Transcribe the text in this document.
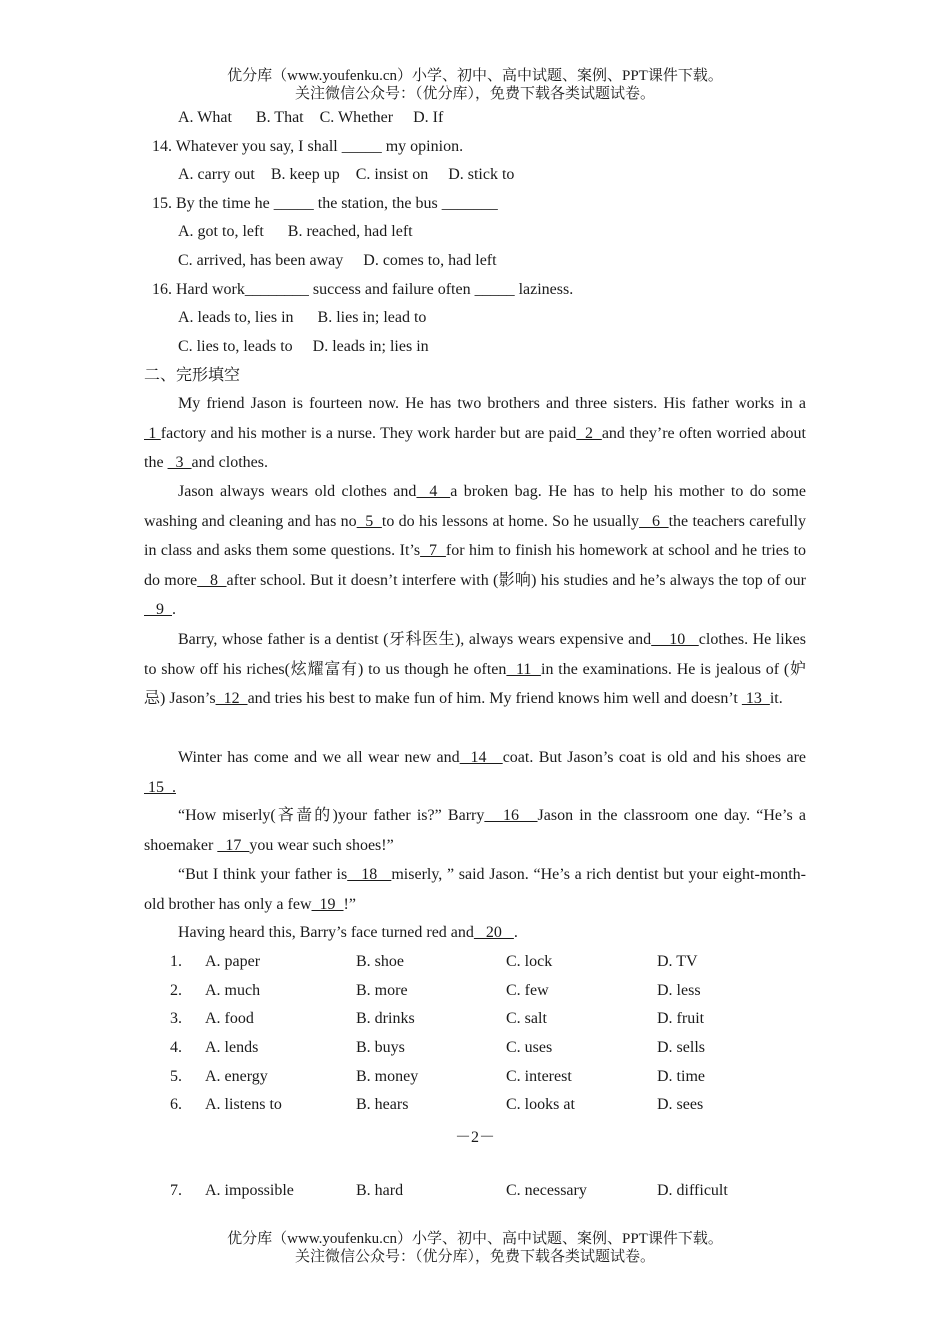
优分库（www.youfenku.cn）小学、初中、高中试题、案例、PPT课件下载。
关注微信公众号：（优分库），免费下载各类试题试卷。
A. What      B. That    C. Whether     D. If
14. Whatever you say, I shall _____ my opinion.
A. carry out    B. keep up    C. insist on     D. stick to
15. By the time he _____ the station, the bus _______
A. got to, left      B. reached, had left
C. arrived, has been away     D. comes to, had left
16. Hard work________ success and failure often _____ laziness.
A. leads to, lies in      B. lies in; lead to
C. lies to, leads to     D. leads in; lies in
二、完形填空
My friend Jason is fourteen now. He has two brothers and three sisters. His father works in a  1 factory and his mother is a nurse. They work harder but are paid  2  and they’re often worried about the   3  and clothes.
Jason always wears old clothes and  4  a broken bag. He has to help his mother to do some washing and cleaning and has no  5  to do his lessons at home. So he usually   6  the teachers carefully in class and asks them some questions. It’s  7  for him to finish his homework at school and he tries to do more   8  after school. But it doesn’t interfere with (影响) his studies and he’s always the top of our   9  .
Barry, whose father is a dentist (牙科医生), always wears expensive and    10   clothes. He likes to show off his riches(炫耀富有) to us though he often  11  in the examinations. He is jealous of (妒忌) Jason’s  12  and tries his best to make fun of him. My friend knows him well and doesn’t  13  it.
Winter has come and we all wear new and  14   coat. But Jason’s coat is old and his shoes are  15  .
“How miserly(吝啬的)your father is?” Barry   16   Jason in the classroom one day. “He’s a shoemaker   17  you wear such shoes!”
“But I think your father is   18   miserly, ” said Jason. “He’s a rich dentist but your eight-month-old brother has only a few  19  !”
Having heard this, Barry’s face turned red and   20   .
1. A. paper	B. shoe	C. lock	D. TV
2. A. much	B. more	C. few	D. less
3. A. food	B. drinks	C. salt	D. fruit
4. A. lends	B. buys	C. uses	D. sells
5. A. energy	B. money	C. interest	D. time
6. A. listens to	B. hears	C. looks at	D. sees
－2－
7. A. impossible	B. hard	C. necessary	D. difficult
优分库（www.youfenku.cn）小学、初中、高中试题、案例、PPT课件下载。
关注微信公众号：（优分库），免费下载各类试题试卷。
